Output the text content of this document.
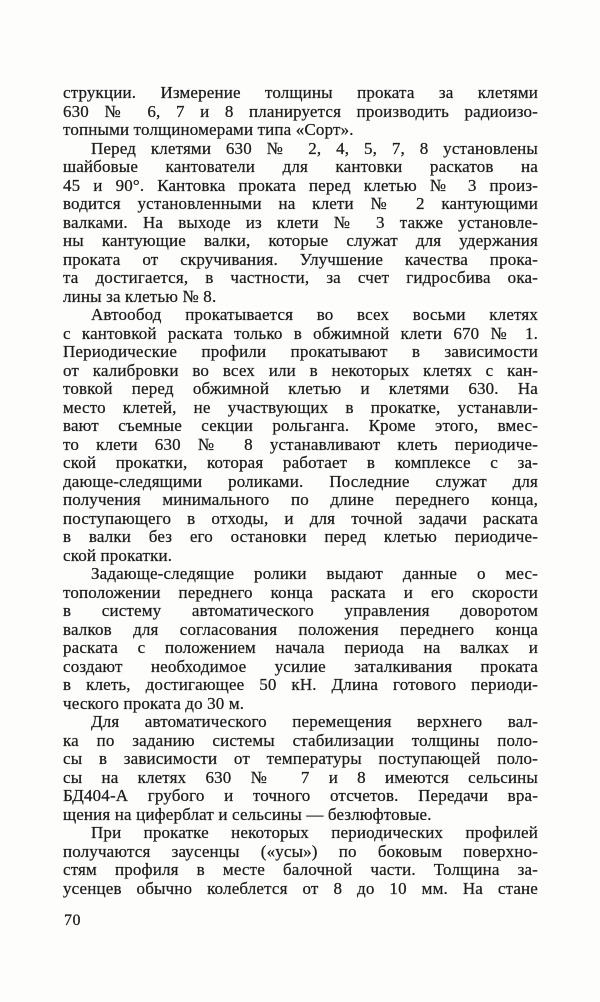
струкции. Измерение толщины проката за клетями
630 № 6, 7 и 8 планируется производить радиоизо-
топными толщиномерами типа «Сорт».
Перед клетями 630 № 2, 4, 5, 7, 8 установлены
шайбовые кантователи для кантовки раскатов на
45 и 90°. Кантовка проката перед клетью № 3 произ-
водится установленными на клети № 2 кантующими
валками. На выходе из клети № 3 также установле-
ны кантующие валки, которые служат для удержания
проката от скручивания. Улучшение качества прока-
та достигается, в частности, за счет гидросбива ока-
лины за клетью № 8.
Автообод прокатывается во всех восьми клетях
с кантовкой раската только в обжимной клети 670 № 1.
Периодические профили прокатывают в зависимости
от калибровки во всех или в некоторых клетях с кан-
товкой перед обжимной клетью и клетями 630. На
место клетей, не участвующих в прокатке, устанавли-
вают съемные секции рольганга. Кроме этого, вмес-
то клети 630 № 8 устанавливают клеть периодиче-
ской прокатки, которая работает в комплексе с за-
дающе-следящими роликами. Последние служат для
получения минимального по длине переднего конца,
поступающего в отходы, и для точной задачи раската
в валки без его остановки перед клетью периодиче-
ской прокатки.
Задающе-следящие ролики выдают данные о мес-
тоположении переднего конца раската и его скорости
в систему автоматического управления доворотом
валков для согласования положения переднего конца
раската с положением начала периода на валках и
создают необходимое усилие заталкивания проката
в клеть, достигающее 50 кН. Длина готового периоди-
ческого проката до 30 м.
Для автоматического перемещения верхнего вал-
ка по заданию системы стабилизации толщины поло-
сы в зависимости от температуры поступающей поло-
сы на клетях 630 № 7 и 8 имеются сельсины
БД404-А грубого и точного отсчетов. Передачи вра-
щения на циферблат и сельсины — безлюфтовые.
При прокатке некоторых периодических профилей
получаются заусенцы («усы») по боковым поверхно-
стям профиля в месте балочной части. Толщина за-
усенцев обычно колеблется от 8 до 10 мм. На стане
70
